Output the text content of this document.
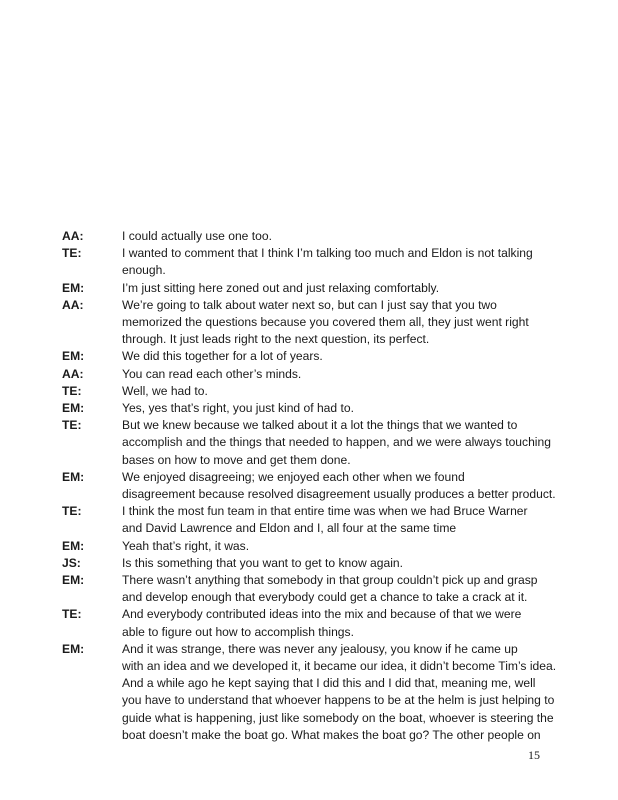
AA:	I could actually use one too.
TE:	I wanted to comment that I think I’m talking too much and Eldon is not talking
enough.
EM:	I’m just sitting here zoned out and just relaxing comfortably.
AA:	We’re going to talk about water next so, but can I just say that you two
memorized the questions because you covered them all, they just went right
through. It just leads right to the next question, its perfect.
EM:	We did this together for a lot of years.
AA:	You can read each other’s minds.
TE:	Well, we had to.
EM:	Yes, yes that’s right, you just kind of had to.
TE:	But we knew because we talked about it a lot the things that we wanted to
accomplish and the things that needed to happen, and we were always touching
bases on how to move and get them done.
EM:	We enjoyed disagreeing; we enjoyed each other when we found
disagreement because resolved disagreement usually produces a better product.
TE:	I think the most fun team in that entire time was when we had Bruce Warner
and David Lawrence and Eldon and I, all four at the same time
EM:	Yeah that’s right, it was.
JS:	Is this something that you want to get to know again.
EM:	There wasn’t anything that somebody in that group couldn’t pick up and grasp
and develop enough that everybody could get a chance to take a crack at it.
TE:	And everybody contributed ideas into the mix and because of that we were
able to figure out how to accomplish things.
EM:	And it was strange, there was never any jealousy, you know if he came up
with an idea and we developed it, it became our idea, it didn’t become Tim’s idea.
And a while ago he kept saying that I did this and I did that, meaning me, well
you have to understand that whoever happens to be at the helm is just helping to
guide what is happening, just like somebody on the boat, whoever is steering the
boat doesn’t make the boat go. What makes the boat go? The other people on
15
